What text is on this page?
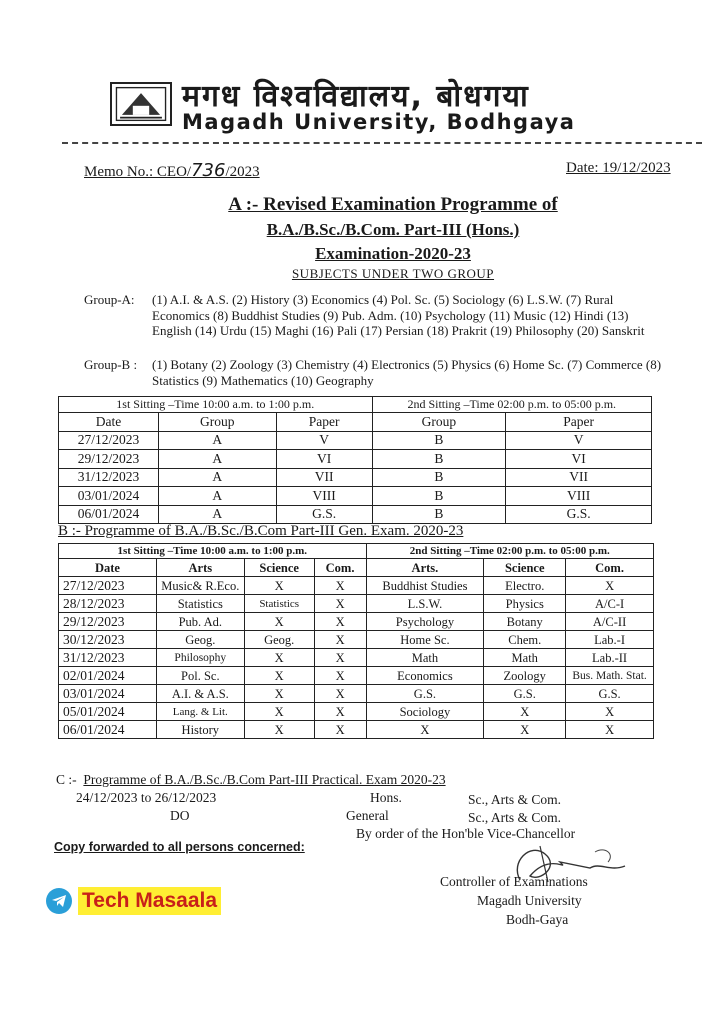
मगध विश्वविद्यालय, बोधगया
Magadh University, Bodhgaya
Memo No.: CEO/736/2023	Date: 19/12/2023
A :- Revised Examination Programme of
B.A./B.Sc./B.Com. Part-III (Hons.)
Examination-2020-23
SUBJECTS UNDER TWO GROUP
Group-A: (1) A.I. & A.S. (2) History (3) Economics (4) Pol. Sc. (5) Sociology (6) L.S.W. (7) Rural Economics (8) Buddhist Studies (9) Pub. Adm. (10) Psychology (11) Music (12) Hindi (13) English (14) Urdu (15) Maghi (16) Pali (17) Persian (18) Prakrit (19) Philosophy (20) Sanskrit
Group-B : (1) Botany (2) Zoology (3) Chemistry (4) Electronics (5) Physics (6) Home Sc. (7) Commerce (8) Statistics (9) Mathematics (10) Geography
1st Sitting –Time 10:00 a.m. to 1:00 p.m.			2nd Sitting –Time 02:00 p.m. to 05:00 p.m.	
Date	Group	Paper	Group	Paper
27/12/2023	A	V	B	V
29/12/2023	A	VI	B	VI
31/12/2023	A	VII	B	VII
03/01/2024	A	VIII	B	VIII
06/01/2024	A	G.S.	B	G.S.
B :- Programme of B.A./B.Sc./B.Com Part-III Gen. Exam. 2020-23
1st Sitting –Time 10:00 a.m. to 1:00 p.m.				2nd Sitting –Time 02:00 p.m. to 05:00 p.m.		
Date	Arts	Science	Com.	Arts.	Science	Com.
27/12/2023	Music& R.Eco.	X	X	Buddhist Studies	Electro.	X
28/12/2023	Statistics	Statistics	X	L.S.W.	Physics	A/C-I
29/12/2023	Pub. Ad.	X	X	Psychology	Botany	A/C-II
30/12/2023	Geog.	Geog.	X	Home Sc.	Chem.	Lab.-I
31/12/2023	Philosophy	X	X	Math	Math	Lab.-II
02/01/2024	Pol. Sc.	X	X	Economics	Zoology	Bus. Math. Stat.
03/01/2024	A.I. & A.S.	X	X	G.S.	G.S.	G.S.
05/01/2024	Lang. & Lit.	X	X	Sociology	X	X
06/01/2024	History	X	X	X	X	X
C :- Programme of B.A./B.Sc./B.Com Part-III Practical. Exam 2020-23
24/12/2023 to 26/12/2023	Hons.	Sc., Arts & Com.
DO	General	Sc., Arts & Com.
By order of the Hon'ble Vice-Chancellor
Copy forwarded to all persons concerned:
Controller of Examinations
Magadh University
Bodh-Gaya
Tech Masaala
